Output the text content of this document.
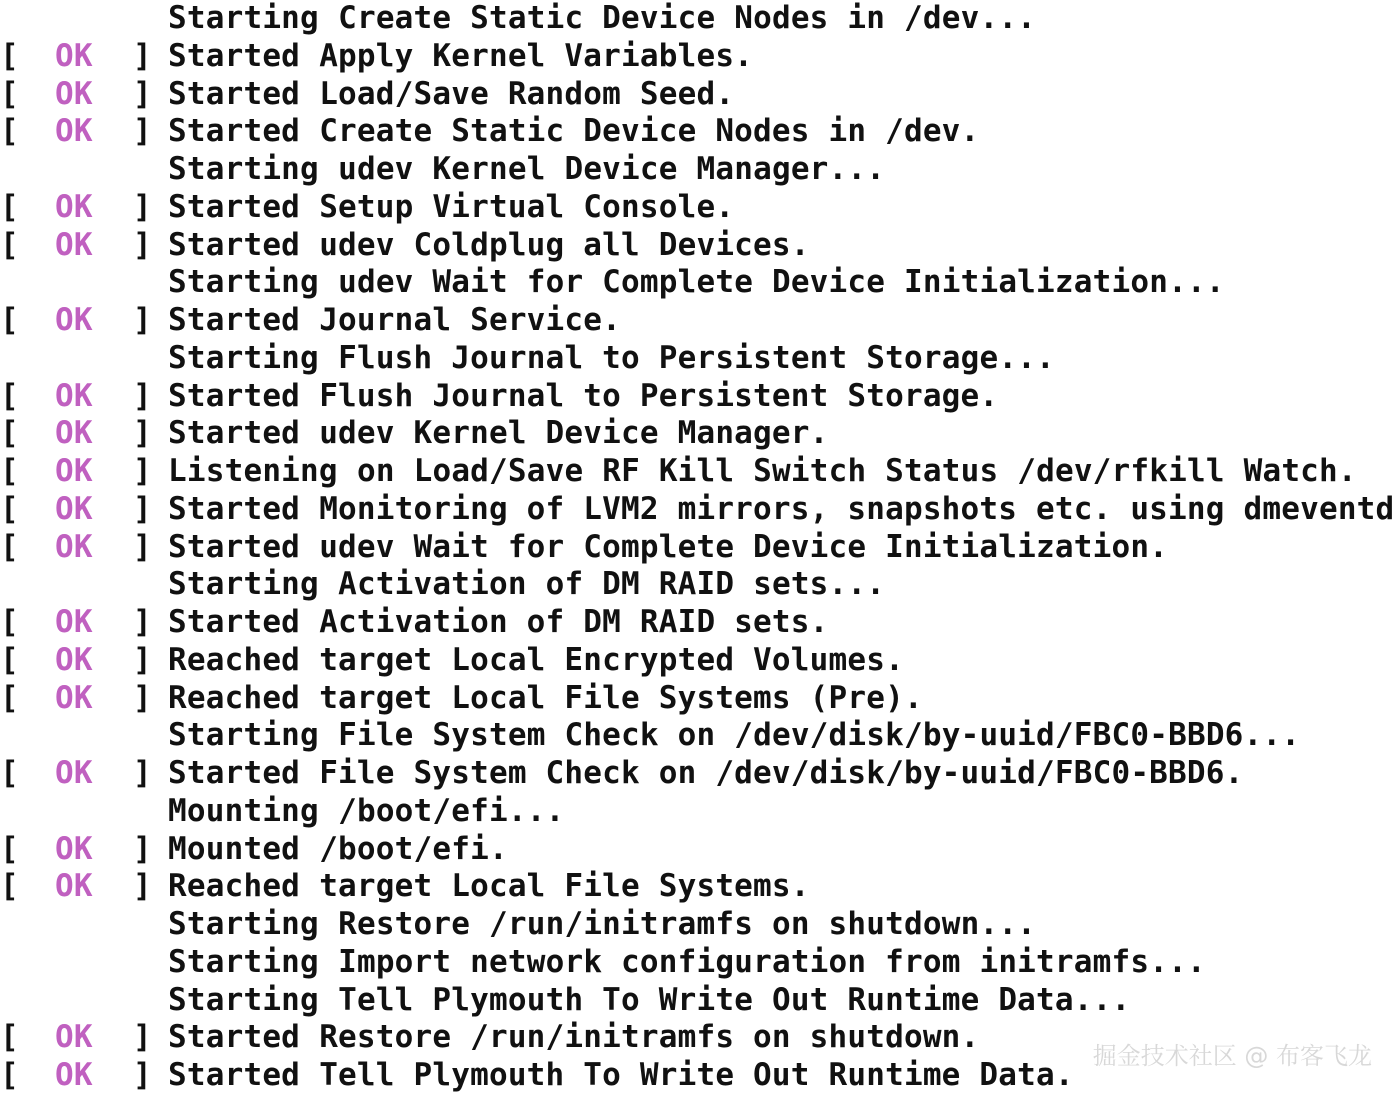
Starting Create Static Device Nodes in /dev...
[ OK ] Started Apply Kernel Variables.
[ OK ] Started Load/Save Random Seed.
[ OK ] Started Create Static Device Nodes in /dev.
Starting udev Kernel Device Manager...
[ OK ] Started Setup Virtual Console.
[ OK ] Started udev Coldplug all Devices.
Starting udev Wait for Complete Device Initialization...
[ OK ] Started Journal Service.
Starting Flush Journal to Persistent Storage...
[ OK ] Started Flush Journal to Persistent Storage.
[ OK ] Started udev Kernel Device Manager.
[ OK ] Listening on Load/Save RF Kill Switch Status /dev/rfkill Watch.
[ OK ] Started Monitoring of LVM2 mirrors, snapshots etc. using dmeventd
[ OK ] Started udev Wait for Complete Device Initialization.
Starting Activation of DM RAID sets...
[ OK ] Started Activation of DM RAID sets.
[ OK ] Reached target Local Encrypted Volumes.
[ OK ] Reached target Local File Systems (Pre).
Starting File System Check on /dev/disk/by-uuid/FBC0-BBD6...
[ OK ] Started File System Check on /dev/disk/by-uuid/FBC0-BBD6.
Mounting /boot/efi...
[ OK ] Mounted /boot/efi.
[ OK ] Reached target Local File Systems.
Starting Restore /run/initramfs on shutdown...
Starting Import network configuration from initramfs...
Starting Tell Plymouth To Write Out Runtime Data...
[ OK ] Started Restore /run/initramfs on shutdown.
[ OK ] Started Tell Plymouth To Write Out Runtime Data.
掘金技术社区 @ 布客飞龙
